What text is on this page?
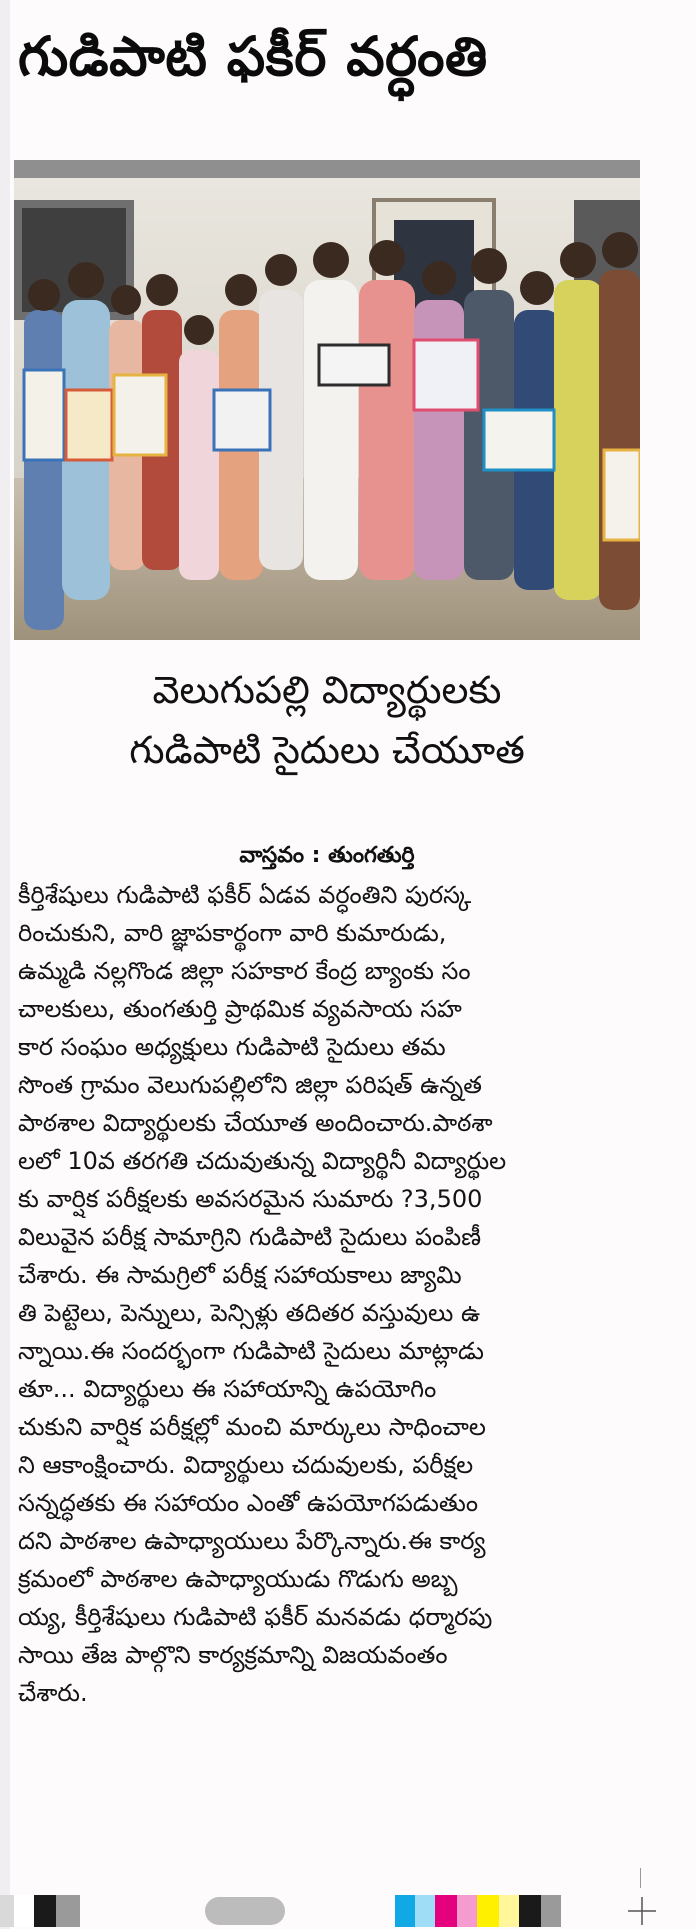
గుడిపాటి ఫకీర్ వర్ధంతి
వెలుగుపల్లి విద్యార్థులకు
గుడిపాటి సైదులు చేయూత
వాస్తవం : తుంగతుర్తి
కీర్తిశేషులు గుడిపాటి ఫకీర్ ఏడవ వర్ధంతిని పురస్క
రించుకుని, వారి జ్ఞాపకార్థంగా వారి కుమారుడు,
ఉమ్మడి నల్లగొండ జిల్లా సహకార కేంద్ర బ్యాంకు సం
చాలకులు, తుంగతుర్తి ప్రాథమిక వ్యవసాయ సహ
కార సంఘం అధ్యక్షులు గుడిపాటి సైదులు తమ
సొంత గ్రామం వెలుగుపల్లిలోని జిల్లా పరిషత్ ఉన్నత
పాఠశాల విద్యార్థులకు చేయూత అందించారు.పాఠశా
లలో 10వ తరగతి చదువుతున్న విద్యార్థినీ విద్యార్థుల
కు వార్షిక పరీక్షలకు అవసరమైన సుమారు ?3,500
విలువైన పరీక్ష సామాగ్రిని గుడిపాటి సైదులు పంపిణీ
చేశారు. ఈ సామగ్రిలో పరీక్ష సహాయకాలు జ్యామి
తి పెట్టెలు, పెన్నులు, పెన్సిళ్లు తదితర వస్తువులు ఉ
న్నాయి.ఈ సందర్భంగా గుడిపాటి సైదులు మాట్లాడు
తూ... విద్యార్థులు ఈ సహాయాన్ని ఉపయోగిం
చుకుని వార్షిక పరీక్షల్లో మంచి మార్కులు సాధించాల
ని ఆకాంక్షించారు. విద్యార్థులు చదువులకు, పరీక్షల
సన్నద్ధతకు ఈ సహాయం ఎంతో ఉపయోగపడుతుం
దని పాఠశాల ఉపాధ్యాయులు పేర్కొన్నారు.ఈ కార్య
క్రమంలో పాఠశాల ఉపాధ్యాయుడు గొడుగు అబ్బ
య్య, కీర్తిశేషులు గుడిపాటి ఫకీర్ మనవడు ధర్మారపు
సాయి తేజ పాల్గొని కార్యక్రమాన్ని విజయవంతం
చేశారు.
